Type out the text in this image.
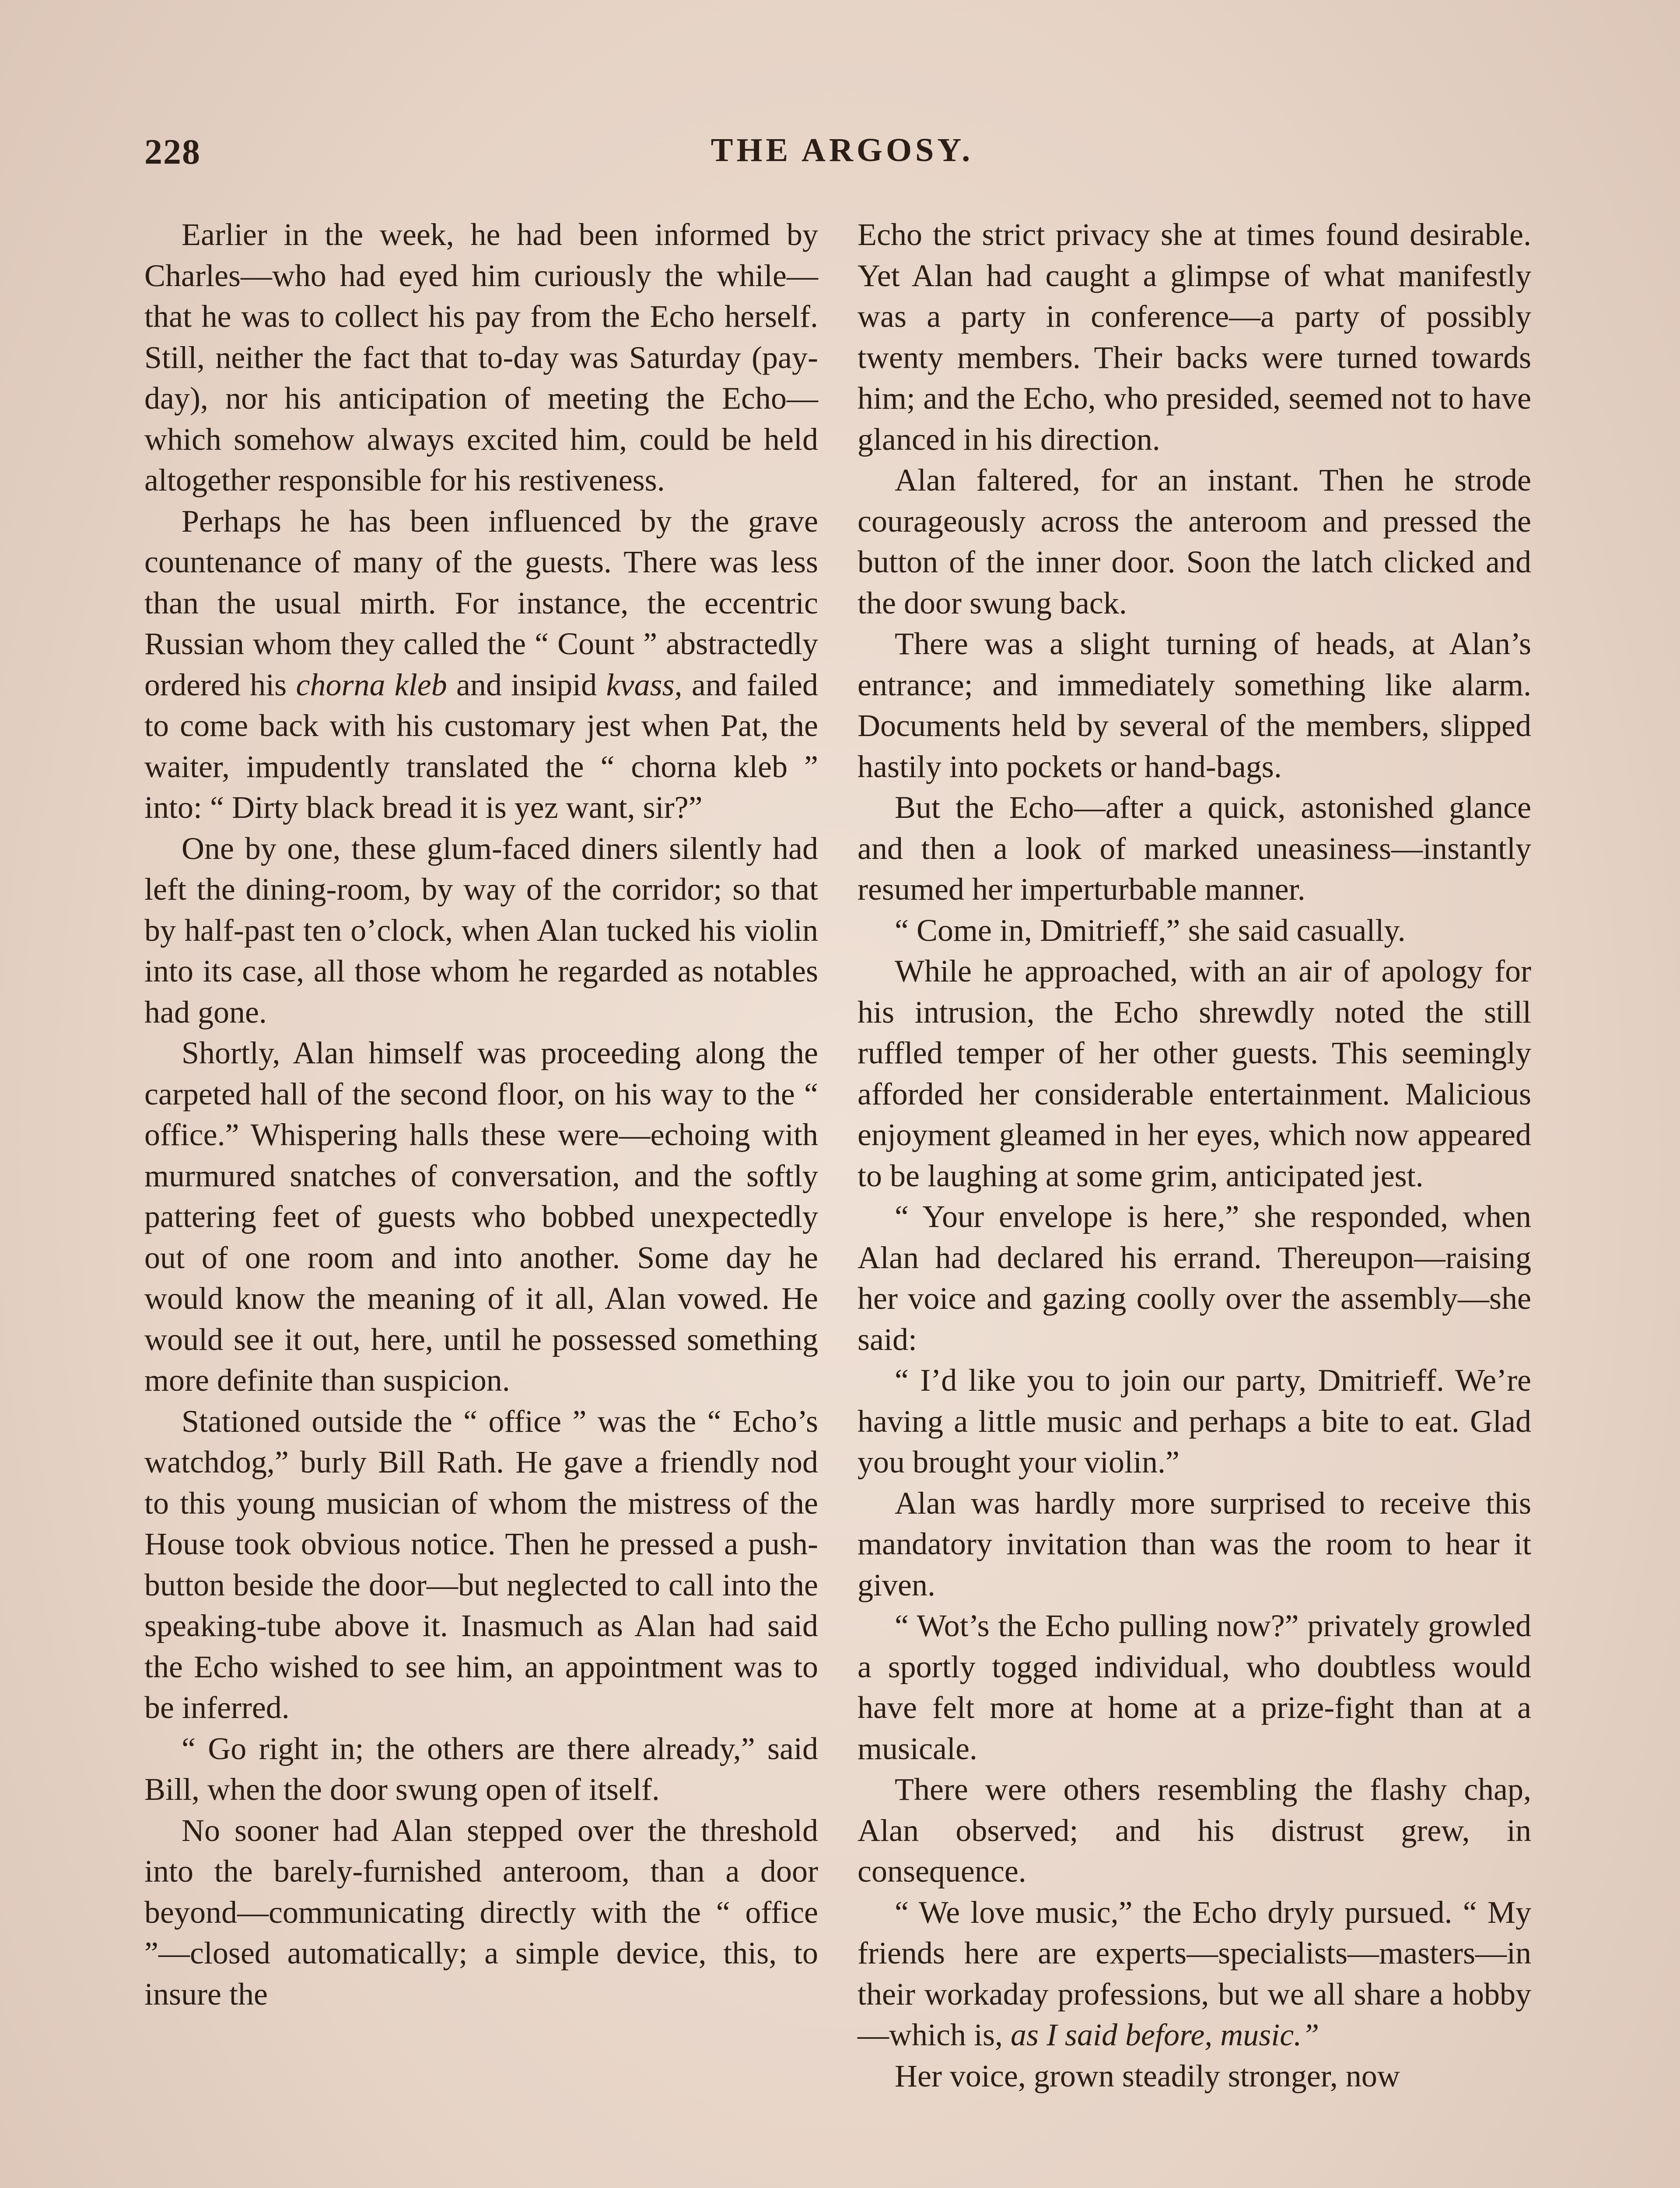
228	THE ARGOSY.

Earlier in the week, he had been informed by Charles—who had eyed him curiously the while—that he was to collect his pay from the Echo herself. Still, neither the fact that to-day was Saturday (pay-day), nor his anticipation of meeting the Echo—which somehow always excited him, could be held altogether responsible for his restiveness.

Perhaps he has been influenced by the grave countenance of many of the guests. There was less than the usual mirth. For instance, the eccentric Russian whom they called the “ Count ” abstractedly ordered his chorna kleb and insipid kvass, and failed to come back with his customary jest when Pat, the waiter, impudently translated the “ chorna kleb ” into: “ Dirty black bread it is yez want, sir?”

One by one, these glum-faced diners silently had left the dining-room, by way of the corridor; so that by half-past ten o’clock, when Alan tucked his violin into its case, all those whom he regarded as notables had gone.

Shortly, Alan himself was proceeding along the carpeted hall of the second floor, on his way to the “ office.” Whispering halls these were—echoing with murmured snatches of conversation, and the softly pattering feet of guests who bobbed unexpectedly out of one room and into another. Some day he would know the meaning of it all, Alan vowed. He would see it out, here, until he possessed something more definite than suspicion.

Stationed outside the “ office ” was the “ Echo’s watchdog,” burly Bill Rath. He gave a friendly nod to this young musician of whom the mistress of the House took obvious notice. Then he pressed a push-button beside the door—but neglected to call into the speaking-tube above it. Inasmuch as Alan had said the Echo wished to see him, an appointment was to be inferred.

“ Go right in; the others are there already,” said Bill, when the door swung open of itself.

No sooner had Alan stepped over the threshold into the barely-furnished anteroom, than a door beyond—communicating directly with the “ office ”—closed automatically; a simple device, this, to insure the

Echo the strict privacy she at times found desirable. Yet Alan had caught a glimpse of what manifestly was a party in conference—a party of possibly twenty members. Their backs were turned towards him; and the Echo, who presided, seemed not to have glanced in his direction.

Alan faltered, for an instant. Then he strode courageously across the anteroom and pressed the button of the inner door. Soon the latch clicked and the door swung back.

There was a slight turning of heads, at Alan’s entrance; and immediately something like alarm. Documents held by several of the members, slipped hastily into pockets or hand-bags.

But the Echo—after a quick, astonished glance and then a look of marked uneasiness—instantly resumed her imperturbable manner.

“ Come in, Dmitrieff,” she said casually.

While he approached, with an air of apology for his intrusion, the Echo shrewdly noted the still ruffled temper of her other guests. This seemingly afforded her considerable entertainment. Malicious enjoyment gleamed in her eyes, which now appeared to be laughing at some grim, anticipated jest.

“ Your envelope is here,” she responded, when Alan had declared his errand. Thereupon—raising her voice and gazing coolly over the assembly—she said:

“ I’d like you to join our party, Dmitrieff. We’re having a little music and perhaps a bite to eat. Glad you brought your violin.”

Alan was hardly more surprised to receive this mandatory invitation than was the room to hear it given.

“ Wot’s the Echo pulling now?” privately growled a sportly togged individual, who doubtless would have felt more at home at a prize-fight than at a musicale.

There were others resembling the flashy chap, Alan observed; and his distrust grew, in consequence.

“ We love music,” the Echo dryly pursued. “ My friends here are experts—specialists—masters—in their workaday professions, but we all share a hobby—which is, as I said before, music.”

Her voice, grown steadily stronger, now
